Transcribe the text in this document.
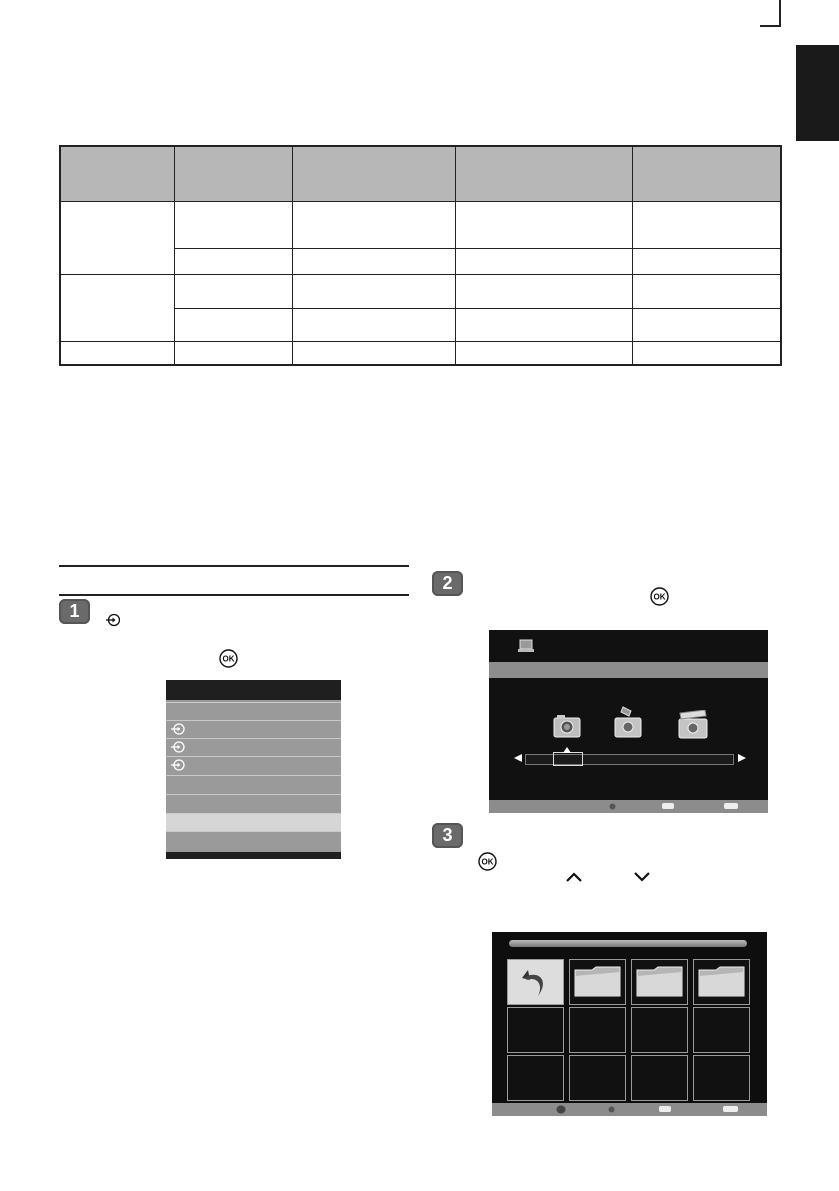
1
OK
2
OK
3
OK
